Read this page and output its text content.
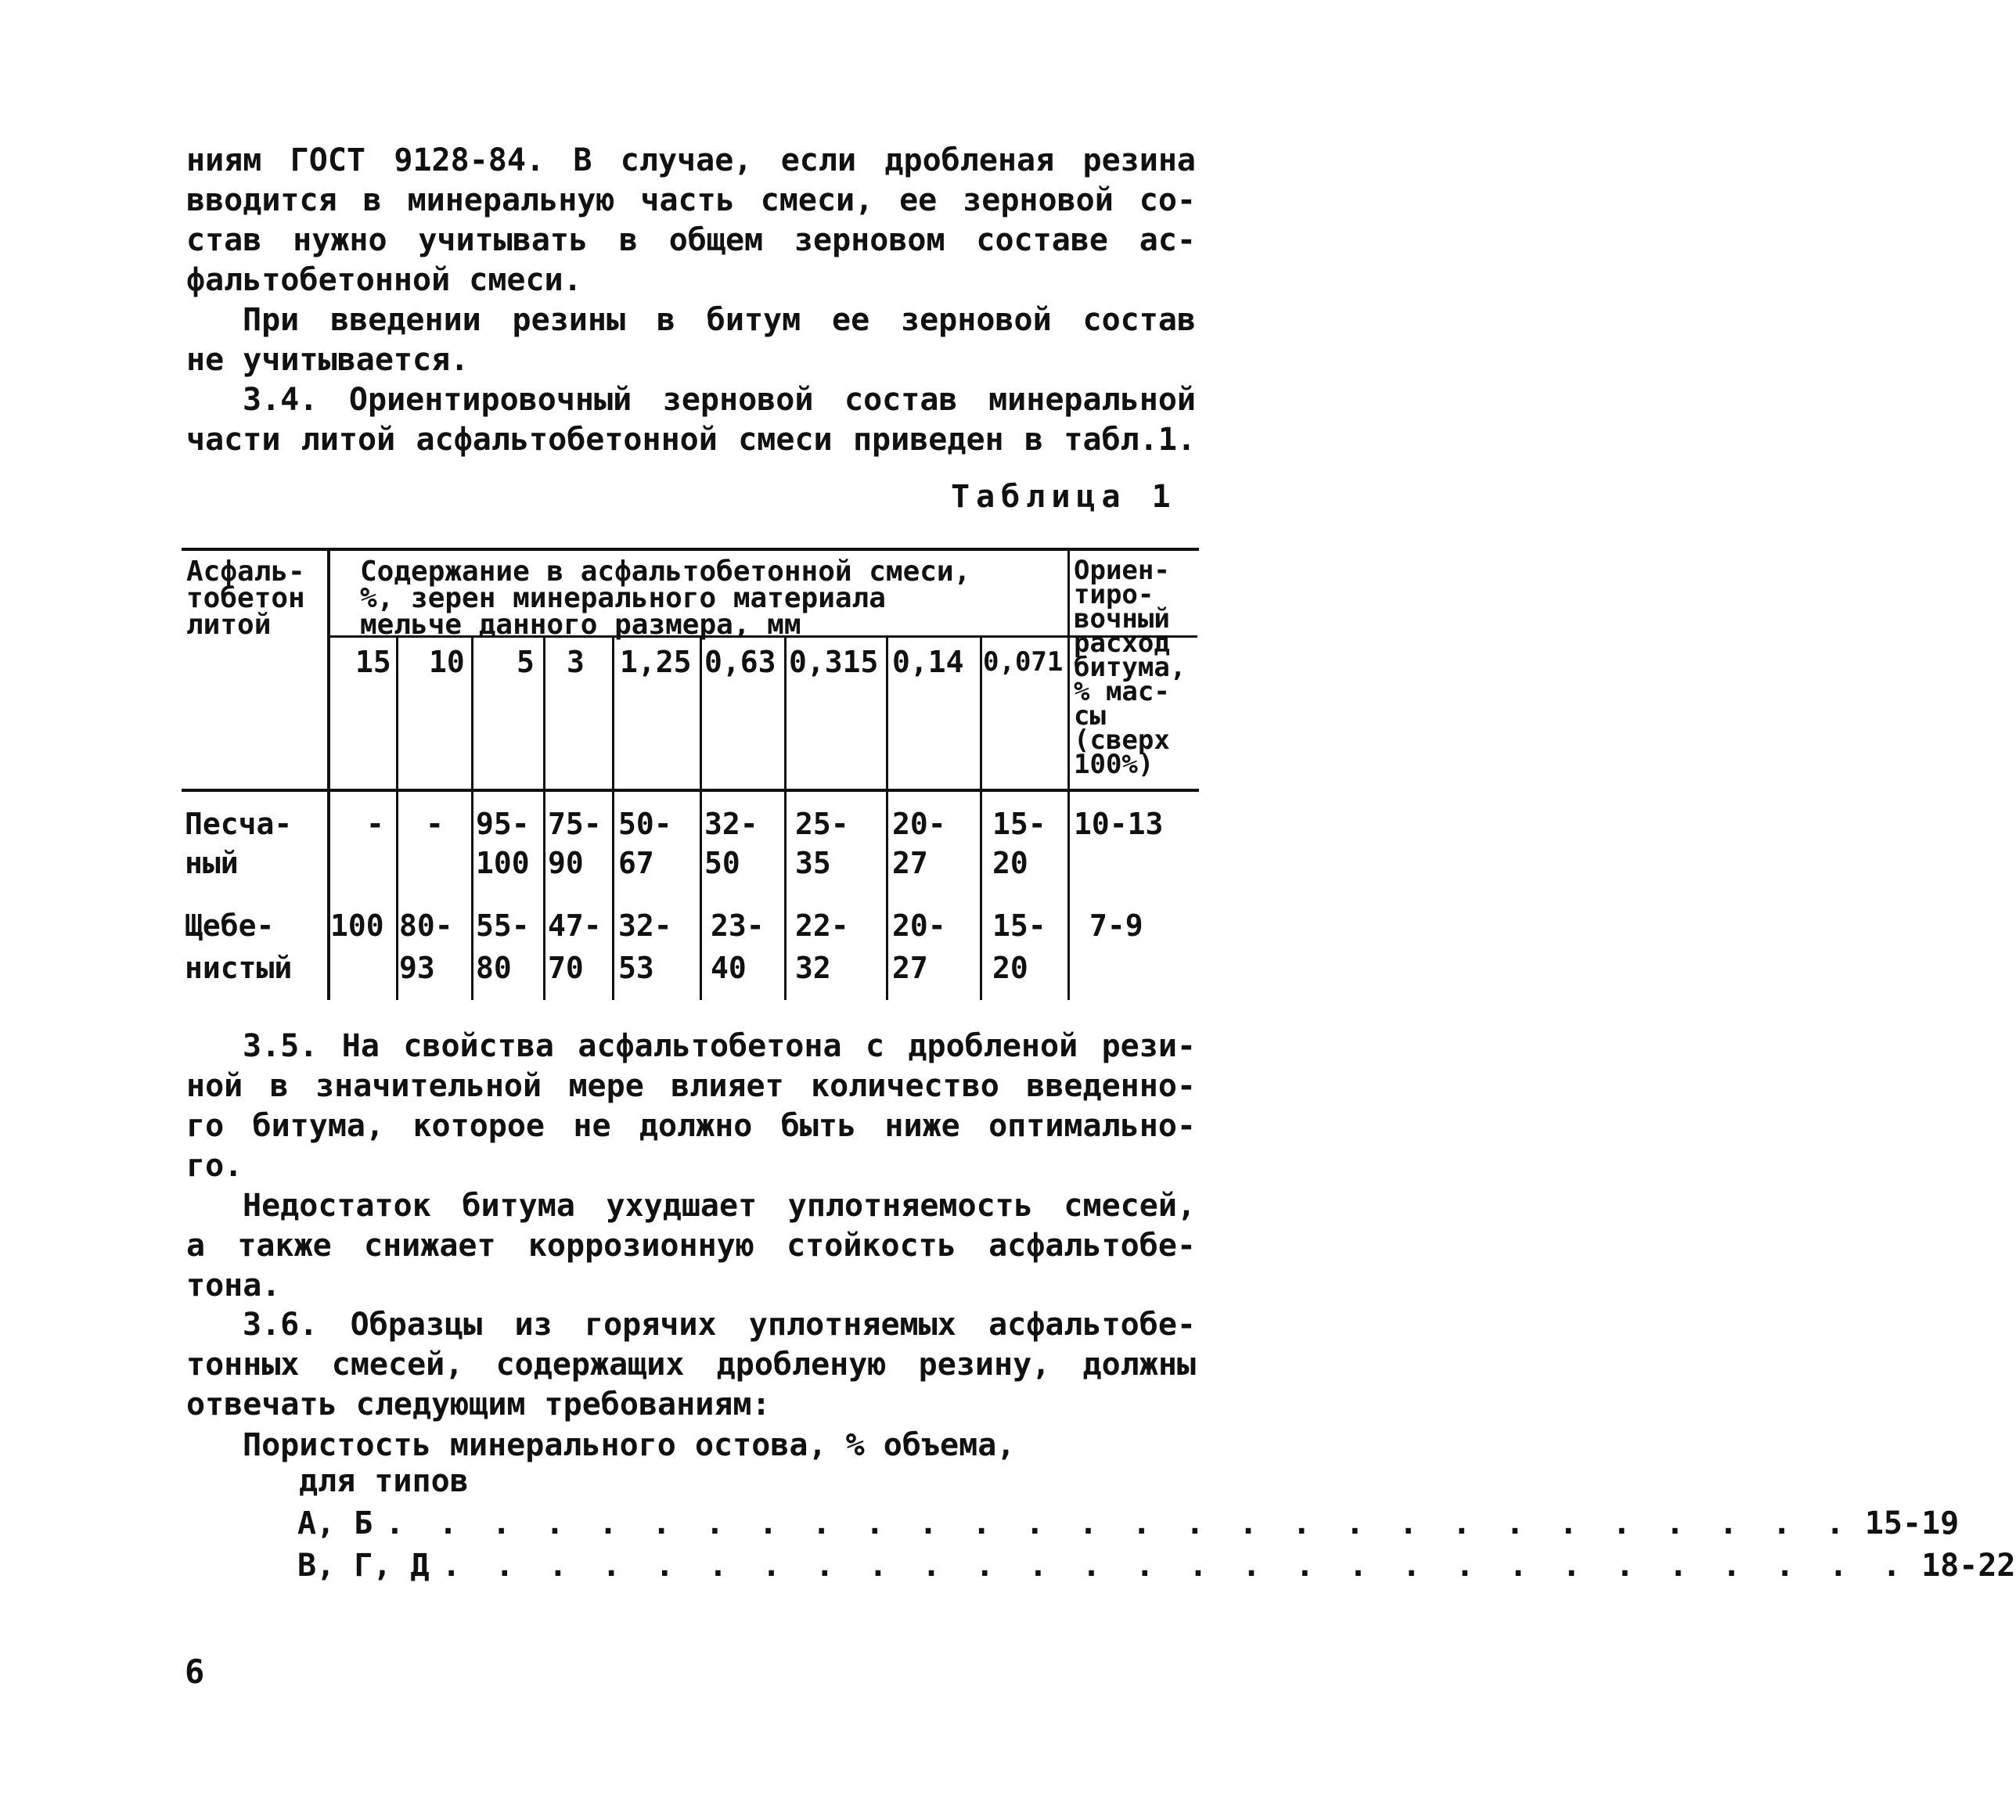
ниям ГОСТ 9128-84. В случае, если дробленая резина
вводится в минеральную часть смеси, ее зерновой со-
став нужно учитывать в общем зерновом составе ас-
фальтобетонной смеси.
При введении резины в битум ее зерновой состав
не учитывается.
3.4. Ориентировочный зерновой состав минеральной
части литой асфальтобетонной смеси приведен в табл.1.
Таблица 1
Асфаль-
тобетон
литой
Содержание в асфальтобетонной смеси,
%, зерен минерального материала
мельче данного размера, мм
Ориен-
тиро-
вочный
расход
битума,
% мас-
сы
(сверх
100%)
15 10 5 3 1,25 0,63 0,315 0,14 0,071
Песча-
ный
- - 95-
100
75-
90
50-
67
32-
50
25-
35
20-
27
15-
20
10-13
Щебе-
нистый
100 80-
93
55-
80
47-
70
32-
53
23-
40
22-
32
20-
27
15-
20
7-9
3.5. На свойства асфальтобетона с дробленой рези-
ной в значительной мере влияет количество введенно-
го битума, которое не должно быть ниже оптимально-
го.
Недостаток битума ухудшает уплотняемость смесей,
а также снижает коррозионную стойкость асфальтобе-
тона.
3.6. Образцы из горячих уплотняемых асфальтобе-
тонных смесей, содержащих дробленую резину, должны
отвечать следующим требованиям:
Пористость минерального остова, % объема,
для типов
А, Б . . . . . . . . . . . . . . . . . . . . . . . . . . . . 15-19
В, Г, Д . . . . . . . . . . . . . . . . . . . . . . . . . . . . 18-22
6
